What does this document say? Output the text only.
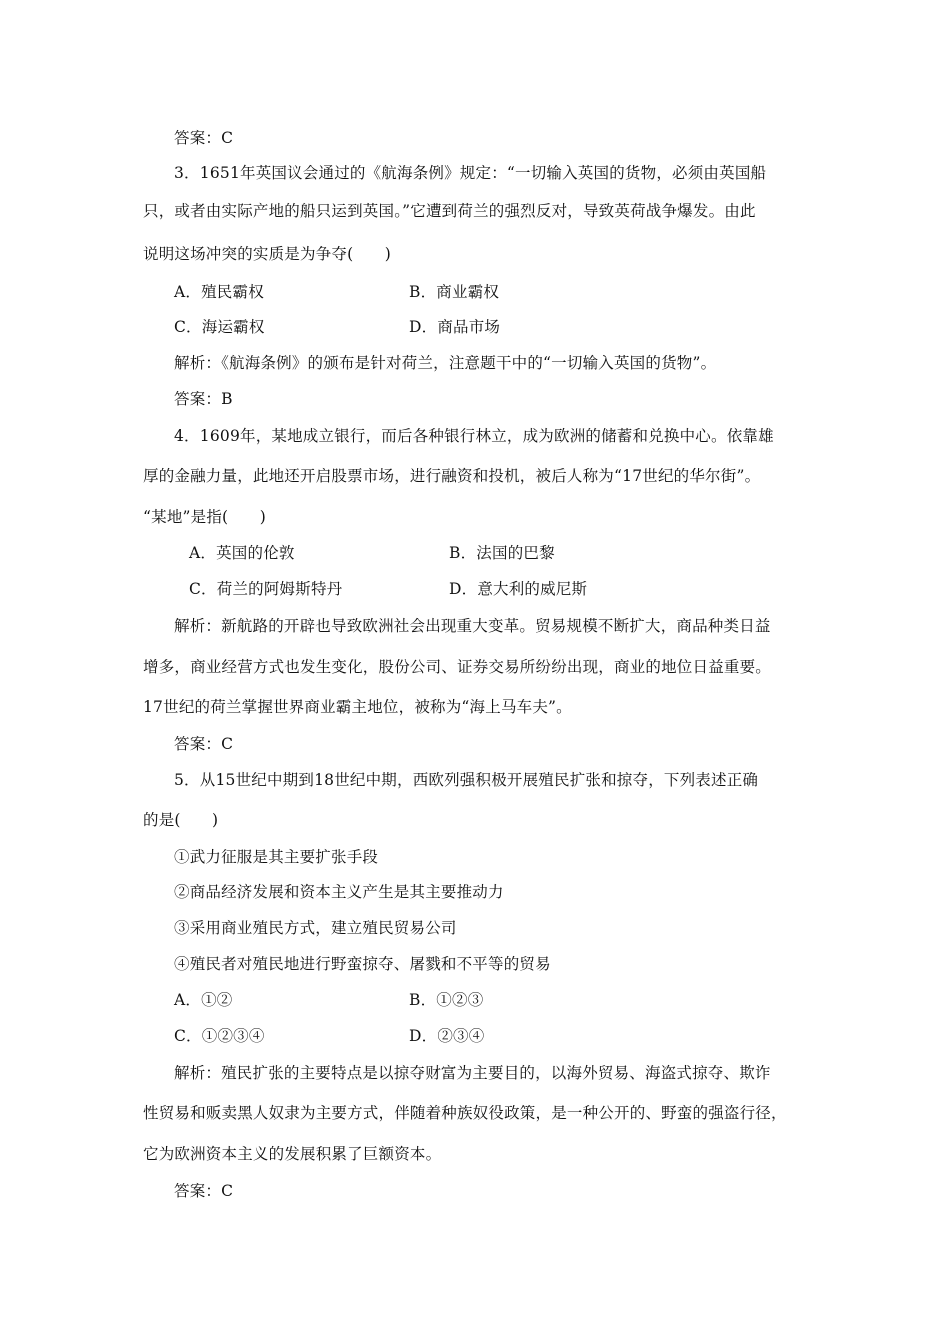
答案：C
3．1651年英国议会通过的《航海条例》规定：“一切输入英国的货物，必须由英国船
只，或者由实际产地的船只运到英国。”它遭到荷兰的强烈反对，导致英荷战争爆发。由此
说明这场冲突的实质是为争夺(　　)
A．殖民霸权	B．商业霸权
C．海运霸权	D．商品市场
解析：《航海条例》的颁布是针对荷兰，注意题干中的“一切输入英国的货物”。
答案：B
4．1609年，某地成立银行，而后各种银行林立，成为欧洲的储蓄和兑换中心。依靠雄
厚的金融力量，此地还开启股票市场，进行融资和投机，被后人称为“17世纪的华尔街”。
“某地”是指(　　)
A．英国的伦敦	B．法国的巴黎
C．荷兰的阿姆斯特丹	D．意大利的威尼斯
解析：新航路的开辟也导致欧洲社会出现重大变革。贸易规模不断扩大，商品种类日益
增多，商业经营方式也发生变化，股份公司、证券交易所纷纷出现，商业的地位日益重要。
17世纪的荷兰掌握世界商业霸主地位，被称为“海上马车夫”。
答案：C
5．从15世纪中期到18世纪中期，西欧列强积极开展殖民扩张和掠夺，下列表述正确
的是(　　)
①武力征服是其主要扩张手段
②商品经济发展和资本主义产生是其主要推动力
③采用商业殖民方式，建立殖民贸易公司
④殖民者对殖民地进行野蛮掠夺、屠戮和不平等的贸易
A．①②	B．①②③
C．①②③④	D．②③④
解析：殖民扩张的主要特点是以掠夺财富为主要目的，以海外贸易、海盗式掠夺、欺诈
性贸易和贩卖黑人奴隶为主要方式，伴随着种族奴役政策，是一种公开的、野蛮的强盗行径，
它为欧洲资本主义的发展积累了巨额资本。
答案：C
